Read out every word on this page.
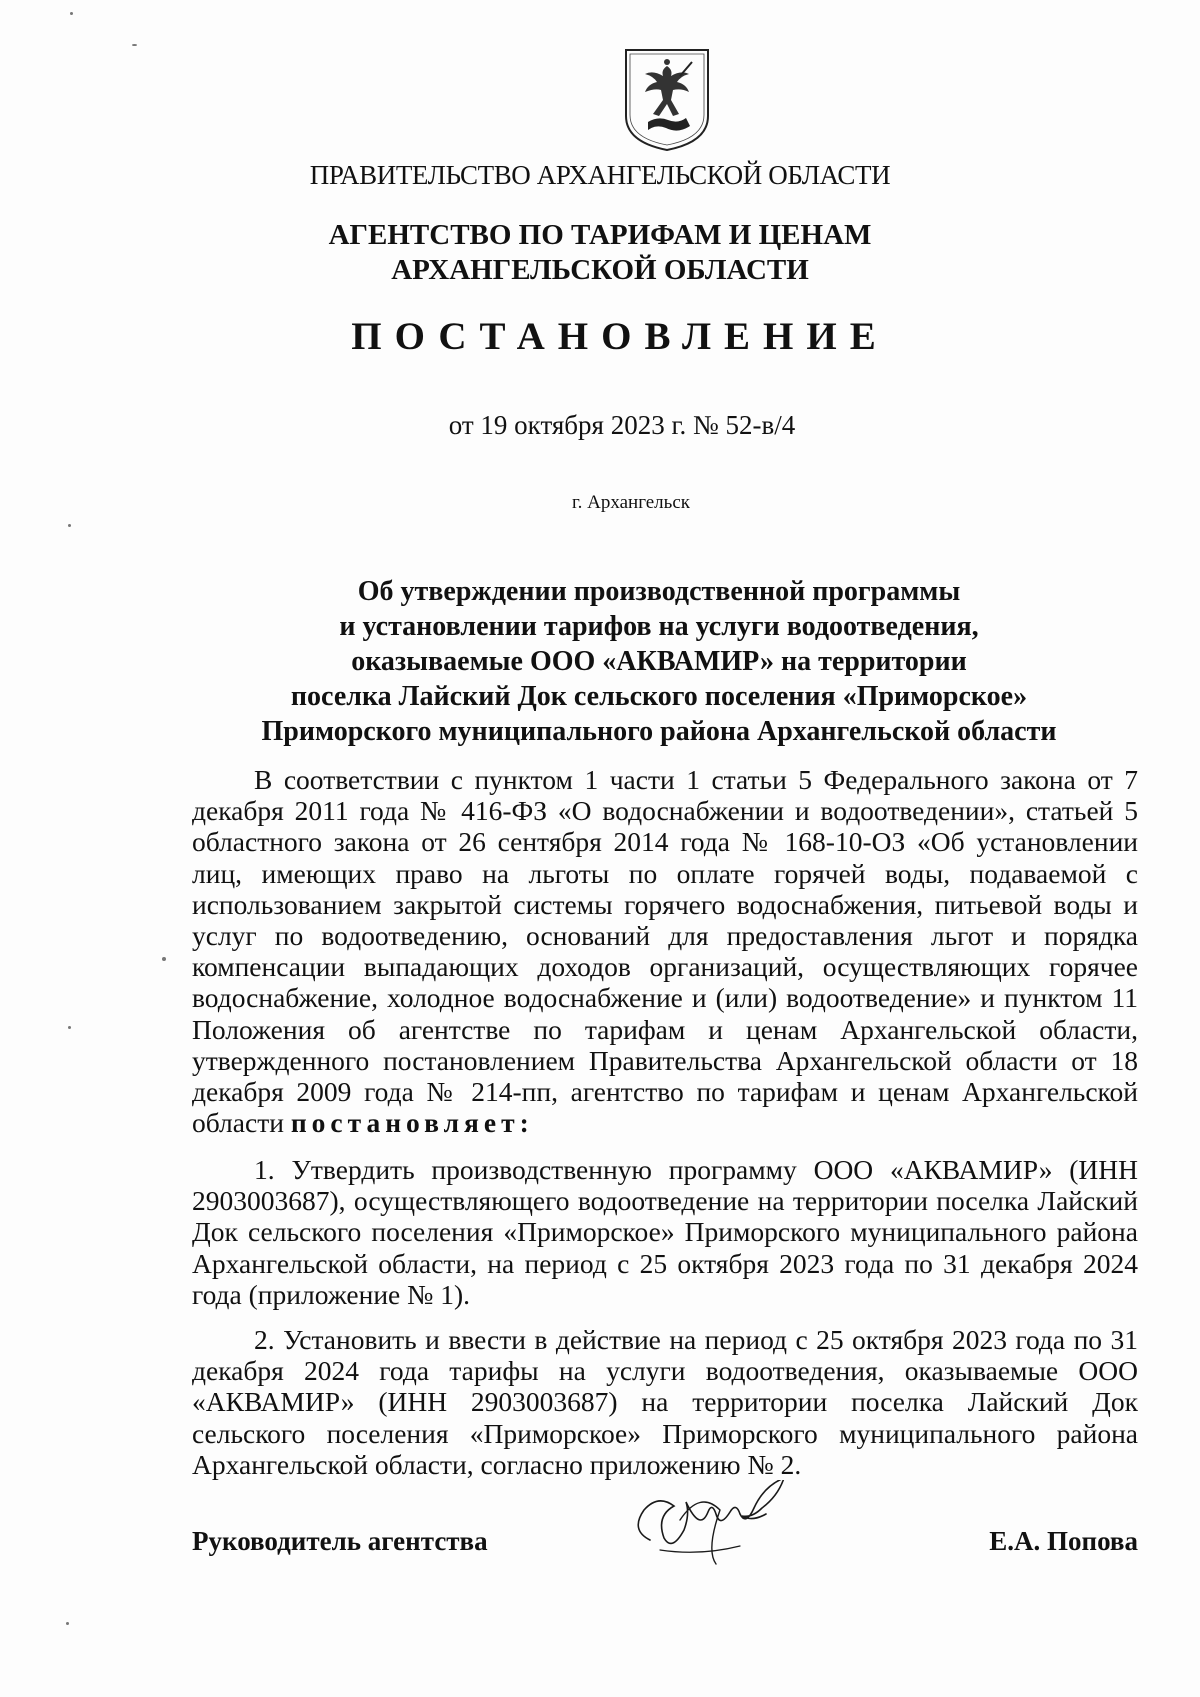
ПРАВИТЕЛЬСТВО АРХАНГЕЛЬСКОЙ ОБЛАСТИ
АГЕНТСТВО ПО ТАРИФАМ И ЦЕНАМ
АРХАНГЕЛЬСКОЙ ОБЛАСТИ
ПОСТАНОВЛЕНИЕ
от 19 октября 2023 г. № 52-в/4
г. Архангельск
Об утверждении производственной программы
и установлении тарифов на услуги водоотведения,
оказываемые ООО «АКВАМИР» на территории
поселка Лайский Док сельского поселения «Приморское»
Приморского муниципального района Архангельской области

В соответствии с пунктом 1 части 1 статьи 5 Федерального закона от 7 декабря 2011 года № 416-ФЗ «О водоснабжении и водоотведении», статьей 5 областного закона от 26 сентября 2014 года № 168-10-ОЗ «Об установлении лиц, имеющих право на льготы по оплате горячей воды, подаваемой с использованием закрытой системы горячего водоснабжения, питьевой воды и услуг по водоотведению, оснований для предоставления льгот и порядка компенсации выпадающих доходов организаций, осуществляющих горячее водоснабжение, холодное водоснабжение и (или) водоотведение» и пунктом 11 Положения об агентстве по тарифам и ценам Архангельской области, утвержденного постановлением Правительства Архангельской области от 18 декабря 2009 года № 214-пп, агентство по тарифам и ценам Архангельской области постановляет:

1. Утвердить производственную программу ООО «АКВАМИР» (ИНН 2903003687), осуществляющего водоотведение на территории поселка Лайский Док сельского поселения «Приморское» Приморского муниципального района Архангельской области, на период с 25 октября 2023 года по 31 декабря 2024 года (приложение № 1).

2. Установить и ввести в действие на период с 25 октября 2023 года по 31 декабря 2024 года тарифы на услуги водоотведения, оказываемые ООО «АКВАМИР» (ИНН 2903003687) на территории поселка Лайский Док сельского поселения «Приморское» Приморского муниципального района Архангельской области, согласно приложению № 2.

Руководитель агентства	Е.А. Попова
